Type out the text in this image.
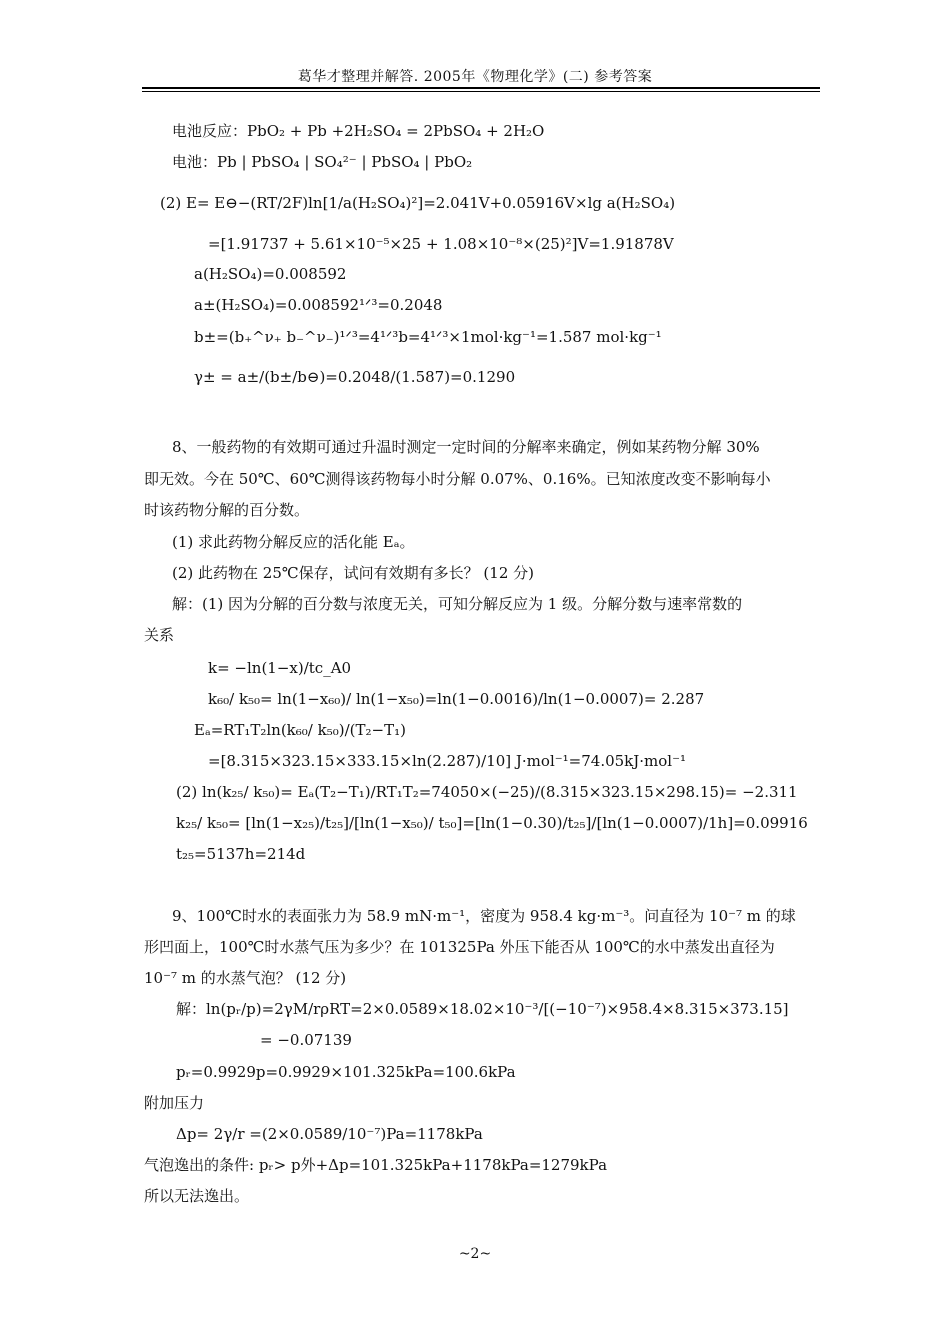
葛华才整理并解答. 2005年《物理化学》(二) 参考答案
电池反应：PbO₂ + Pb +2H₂SO₄ = 2PbSO₄ + 2H₂O
电池：Pb | PbSO₄ | SO₄²⁻ | PbSO₄ | PbO₂
(2) E= E⊖−(RT/2F)ln[1/a(H₂SO₄)²]=2.041V+0.05916V×lg a(H₂SO₄)
=[1.91737 + 5.61×10⁻⁵×25 + 1.08×10⁻⁸×(25)²]V=1.91878V
a(H₂SO₄)=0.008592
a±(H₂SO₄)=0.008592¹ᐟ³=0.2048
b±=(b₊^ν₊ b₋^ν₋)¹ᐟ³=4¹ᐟ³b=4¹ᐟ³×1mol·kg⁻¹=1.587 mol·kg⁻¹
γ± = a±/(b±/b⊖)=0.2048/(1.587)=0.1290
8、一般药物的有效期可通过升温时测定一定时间的分解率来确定，例如某药物分解 30%
即无效。今在 50℃、60℃测得该药物每小时分解 0.07%、0.16%。已知浓度改变不影响每小
时该药物分解的百分数。
(1) 求此药物分解反应的活化能 Eₐ。
(2) 此药物在 25℃保存，试问有效期有多长？ (12 分)
解：(1) 因为分解的百分数与浓度无关，可知分解反应为 1 级。分解分数与速率常数的
关系
k= −ln(1−x)/tc_A0
k₆₀/ k₅₀= ln(1−x₆₀)/ ln(1−x₅₀)=ln(1−0.0016)/ln(1−0.0007)= 2.287
Eₐ=RT₁T₂ln(k₆₀/ k₅₀)/(T₂−T₁)
=[8.315×323.15×333.15×ln(2.287)/10] J·mol⁻¹=74.05kJ·mol⁻¹
(2) ln(k₂₅/ k₅₀)= Eₐ(T₂−T₁)/RT₁T₂=74050×(−25)/(8.315×323.15×298.15)= −2.311
k₂₅/ k₅₀= [ln(1−x₂₅)/t₂₅]/[ln(1−x₅₀)/ t₅₀]=[ln(1−0.30)/t₂₅]/[ln(1−0.0007)/1h]=0.09916
t₂₅=5137h=214d
9、100℃时水的表面张力为 58.9 mN·m⁻¹，密度为 958.4 kg·m⁻³。问直径为 10⁻⁷ m 的球
形凹面上，100℃时水蒸气压为多少？在 101325Pa 外压下能否从 100℃的水中蒸发出直径为
10⁻⁷ m 的水蒸气泡？ (12 分)
解：ln(pᵣ/p)=2γM/rρRT=2×0.0589×18.02×10⁻³/[(−10⁻⁷)×958.4×8.315×373.15]
= −0.07139
pᵣ=0.9929p=0.9929×101.325kPa=100.6kPa
附加压力
Δp= 2γ/r =(2×0.0589/10⁻⁷)Pa=1178kPa
气泡逸出的条件: pᵣ> p外+Δp=101.325kPa+1178kPa=1279kPa
所以无法逸出。
~2~
